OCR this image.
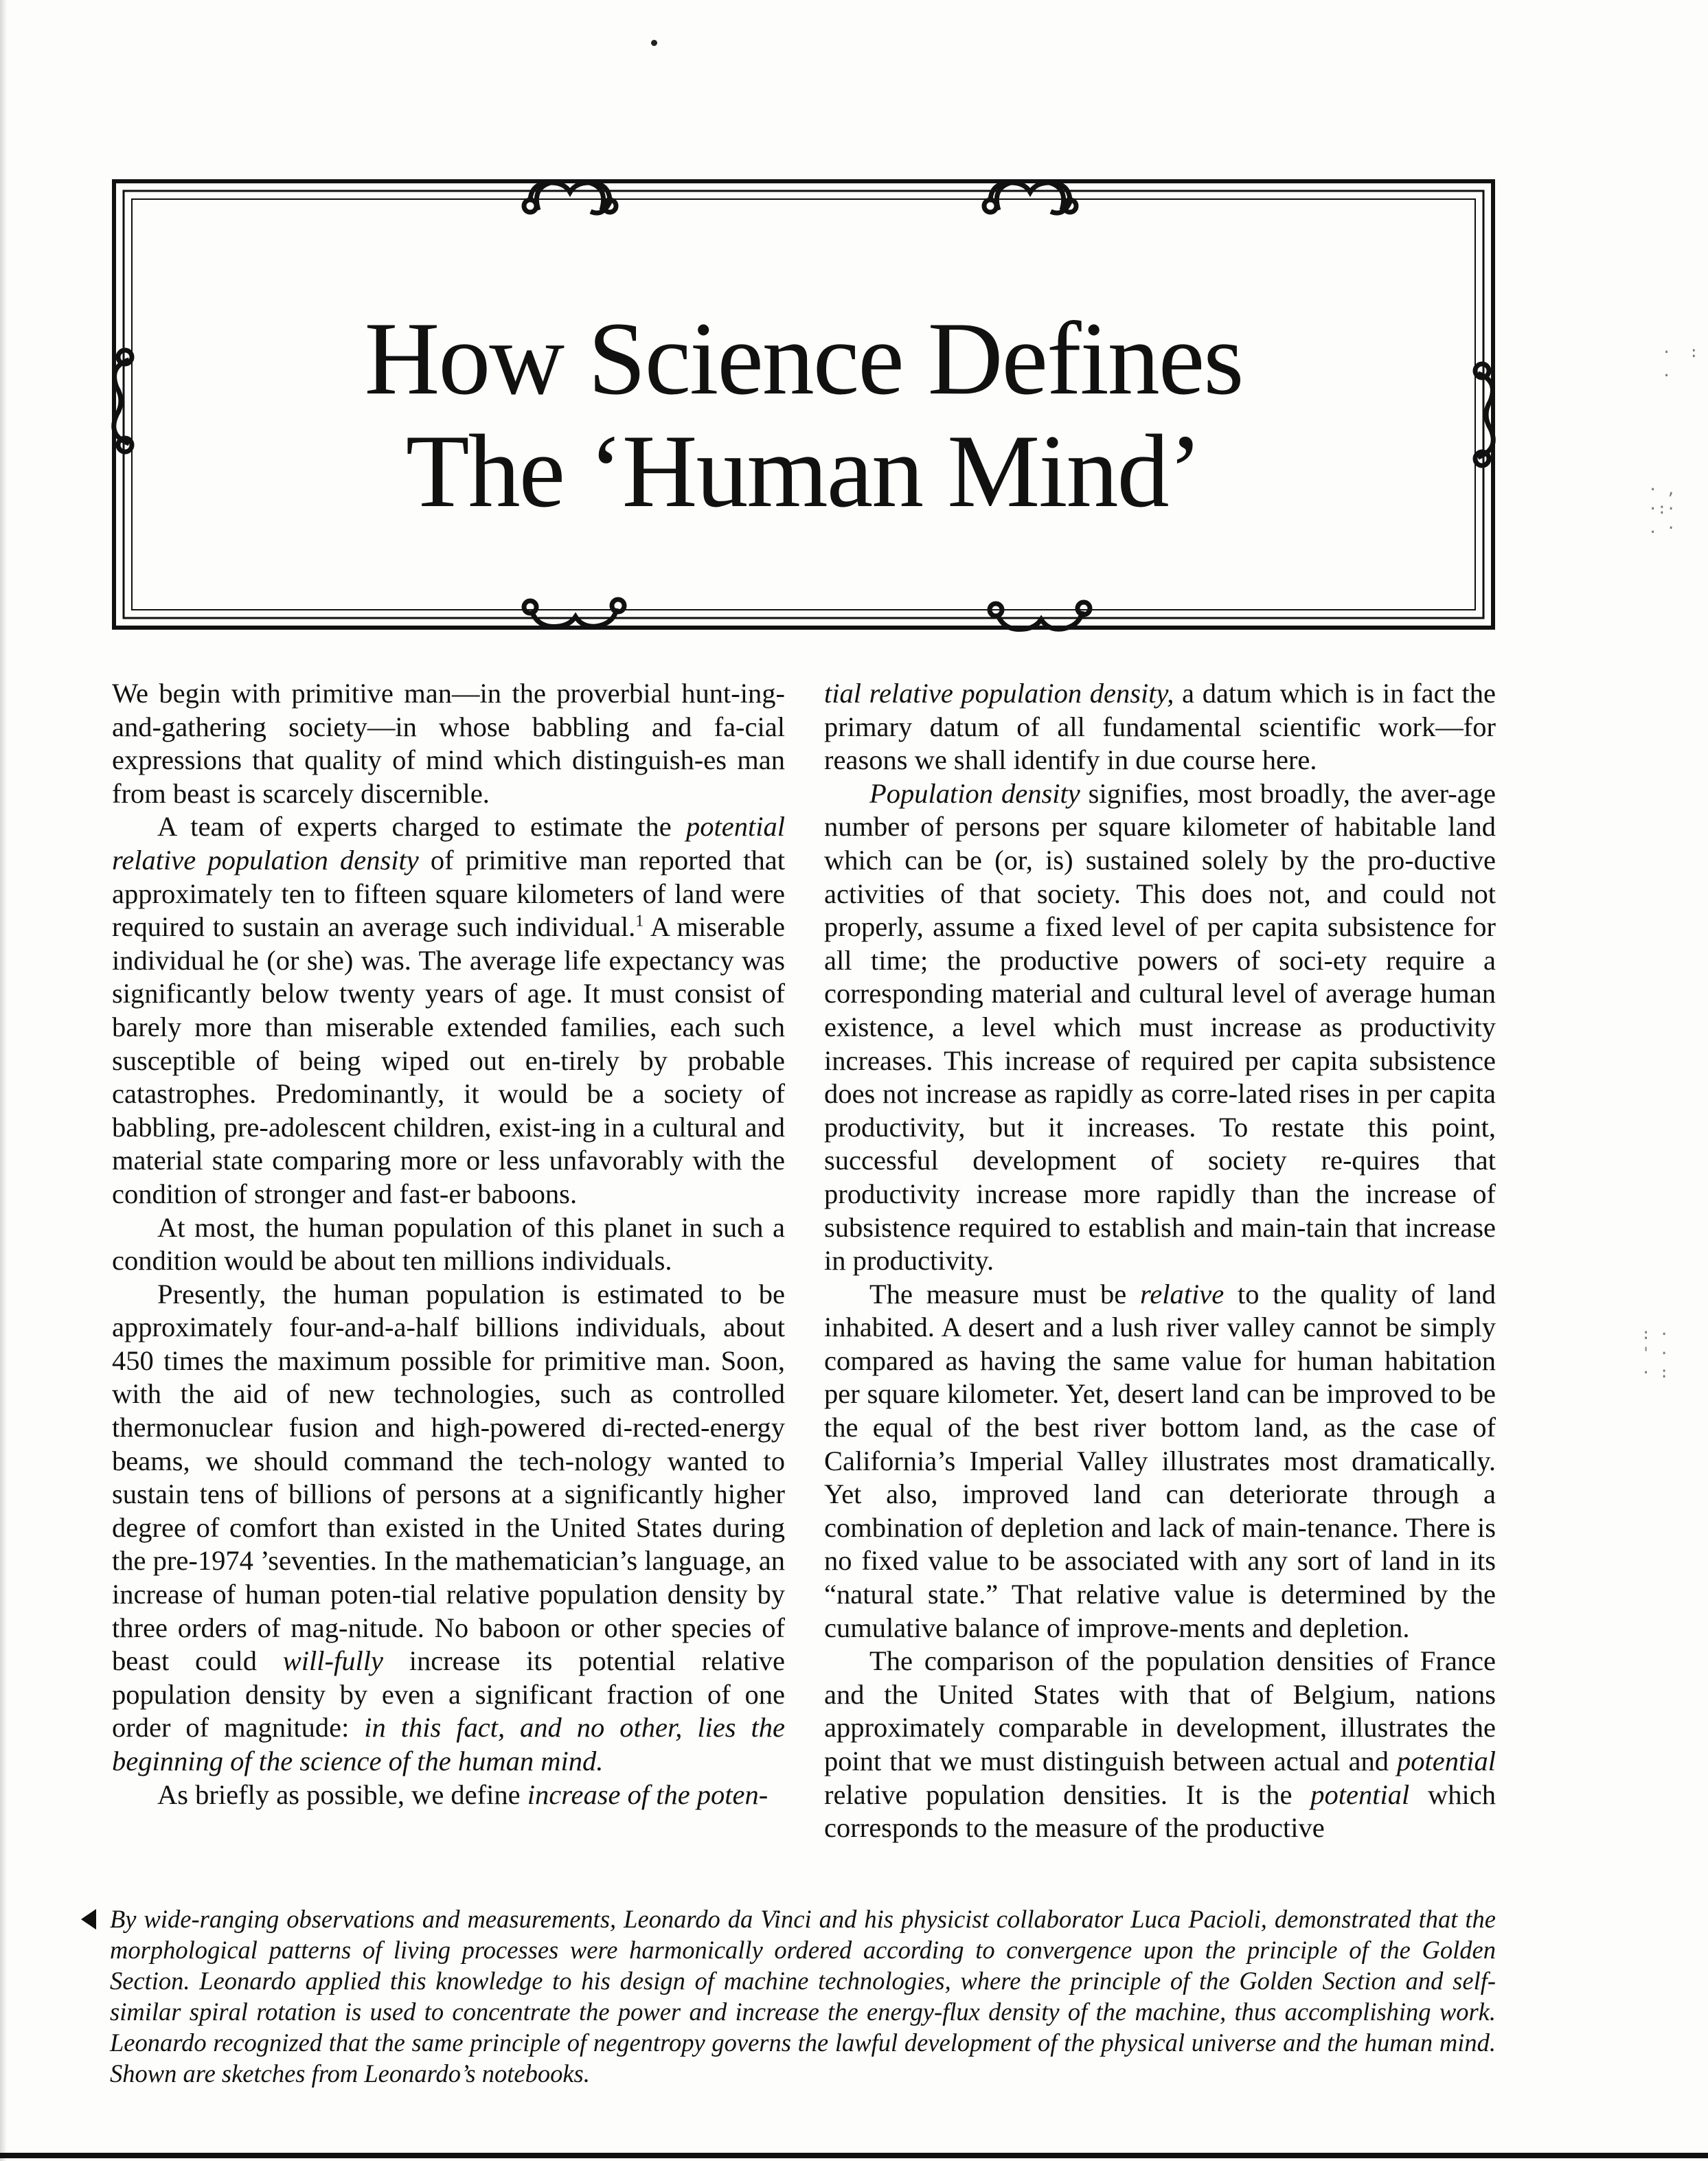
·  :
.

· ,
·:·
. ·
: ·
' ·
· :
How Science Defines
The ‘Human Mind’

We begin with primitive man—in the proverbial hunt-ing-and-gathering society—in whose babbling and fa-cial expressions that quality of mind which distinguish-es man from beast is scarcely discernible.

A team of experts charged to estimate the potential relative population density of primitive man reported that approximately ten to fifteen square kilometers of land were required to sustain an average such individual.$^1$ A miserable individual he (or she) was. The average life expectancy was significantly below twenty years of age. It must consist of barely more than miserable extended families, each such susceptible of being wiped out en-tirely by probable catastrophes. Predominantly, it would be a society of babbling, pre-adolescent children, exist-ing in a cultural and material state comparing more or less unfavorably with the condition of stronger and fast-er baboons.

At most, the human population of this planet in such a condition would be about ten millions individuals.

Presently, the human population is estimated to be approximately four-and-a-half billions individuals, about 450 times the maximum possible for primitive man. Soon, with the aid of new technologies, such as controlled thermonuclear fusion and high-powered di-rected-energy beams, we should command the tech-nology wanted to sustain tens of billions of persons at a significantly higher degree of comfort than existed in the United States during the pre-1974 ’seventies. In the mathematician’s language, an increase of human poten-tial relative population density by three orders of mag-nitude. No baboon or other species of beast could will-fully increase its potential relative population density by even a significant fraction of one order of magnitude: in this fact, and no other, lies the beginning of the science of the human mind.

As briefly as possible, we define increase of the poten-

tial relative population density, a datum which is in fact the primary datum of all fundamental scientific work—for reasons we shall identify in due course here.

Population density signifies, most broadly, the aver-age number of persons per square kilometer of habitable land which can be (or, is) sustained solely by the pro-ductive activities of that society. This does not, and could not properly, assume a fixed level of per capita subsistence for all time; the productive powers of soci-ety require a corresponding material and cultural level of average human existence, a level which must increase as productivity increases. This increase of required per capita subsistence does not increase as rapidly as corre-lated rises in per capita productivity, but it increases. To restate this point, successful development of society re-quires that productivity increase more rapidly than the increase of subsistence required to establish and main-tain that increase in productivity.

The measure must be relative to the quality of land inhabited. A desert and a lush river valley cannot be simply compared as having the same value for human habitation per square kilometer. Yet, desert land can be improved to be the equal of the best river bottom land, as the case of California’s Imperial Valley illustrates most dramatically. Yet also, improved land can deteriorate through a combination of depletion and lack of main-tenance. There is no fixed value to be associated with any sort of land in its “natural state.” That relative value is determined by the cumulative balance of improve-ments and depletion.

The comparison of the population densities of France and the United States with that of Belgium, nations approximately comparable in development, illustrates the point that we must distinguish between actual and potential relative population densities. It is the potential which corresponds to the measure of the productive

By wide-ranging observations and measurements, Leonardo da Vinci and his physicist collaborator Luca Pacioli, demonstrated that the morphological patterns of living processes were harmonically ordered according to convergence upon the principle of the Golden Section. Leonardo applied this knowledge to his design of machine technologies, where the principle of the Golden Section and self-similar spiral rotation is used to concentrate the power and increase the energy-flux density of the machine, thus accomplishing work. Leonardo recognized that the same principle of negentropy governs the lawful development of the physical universe and the human mind. Shown are sketches from Leonardo’s notebooks.
